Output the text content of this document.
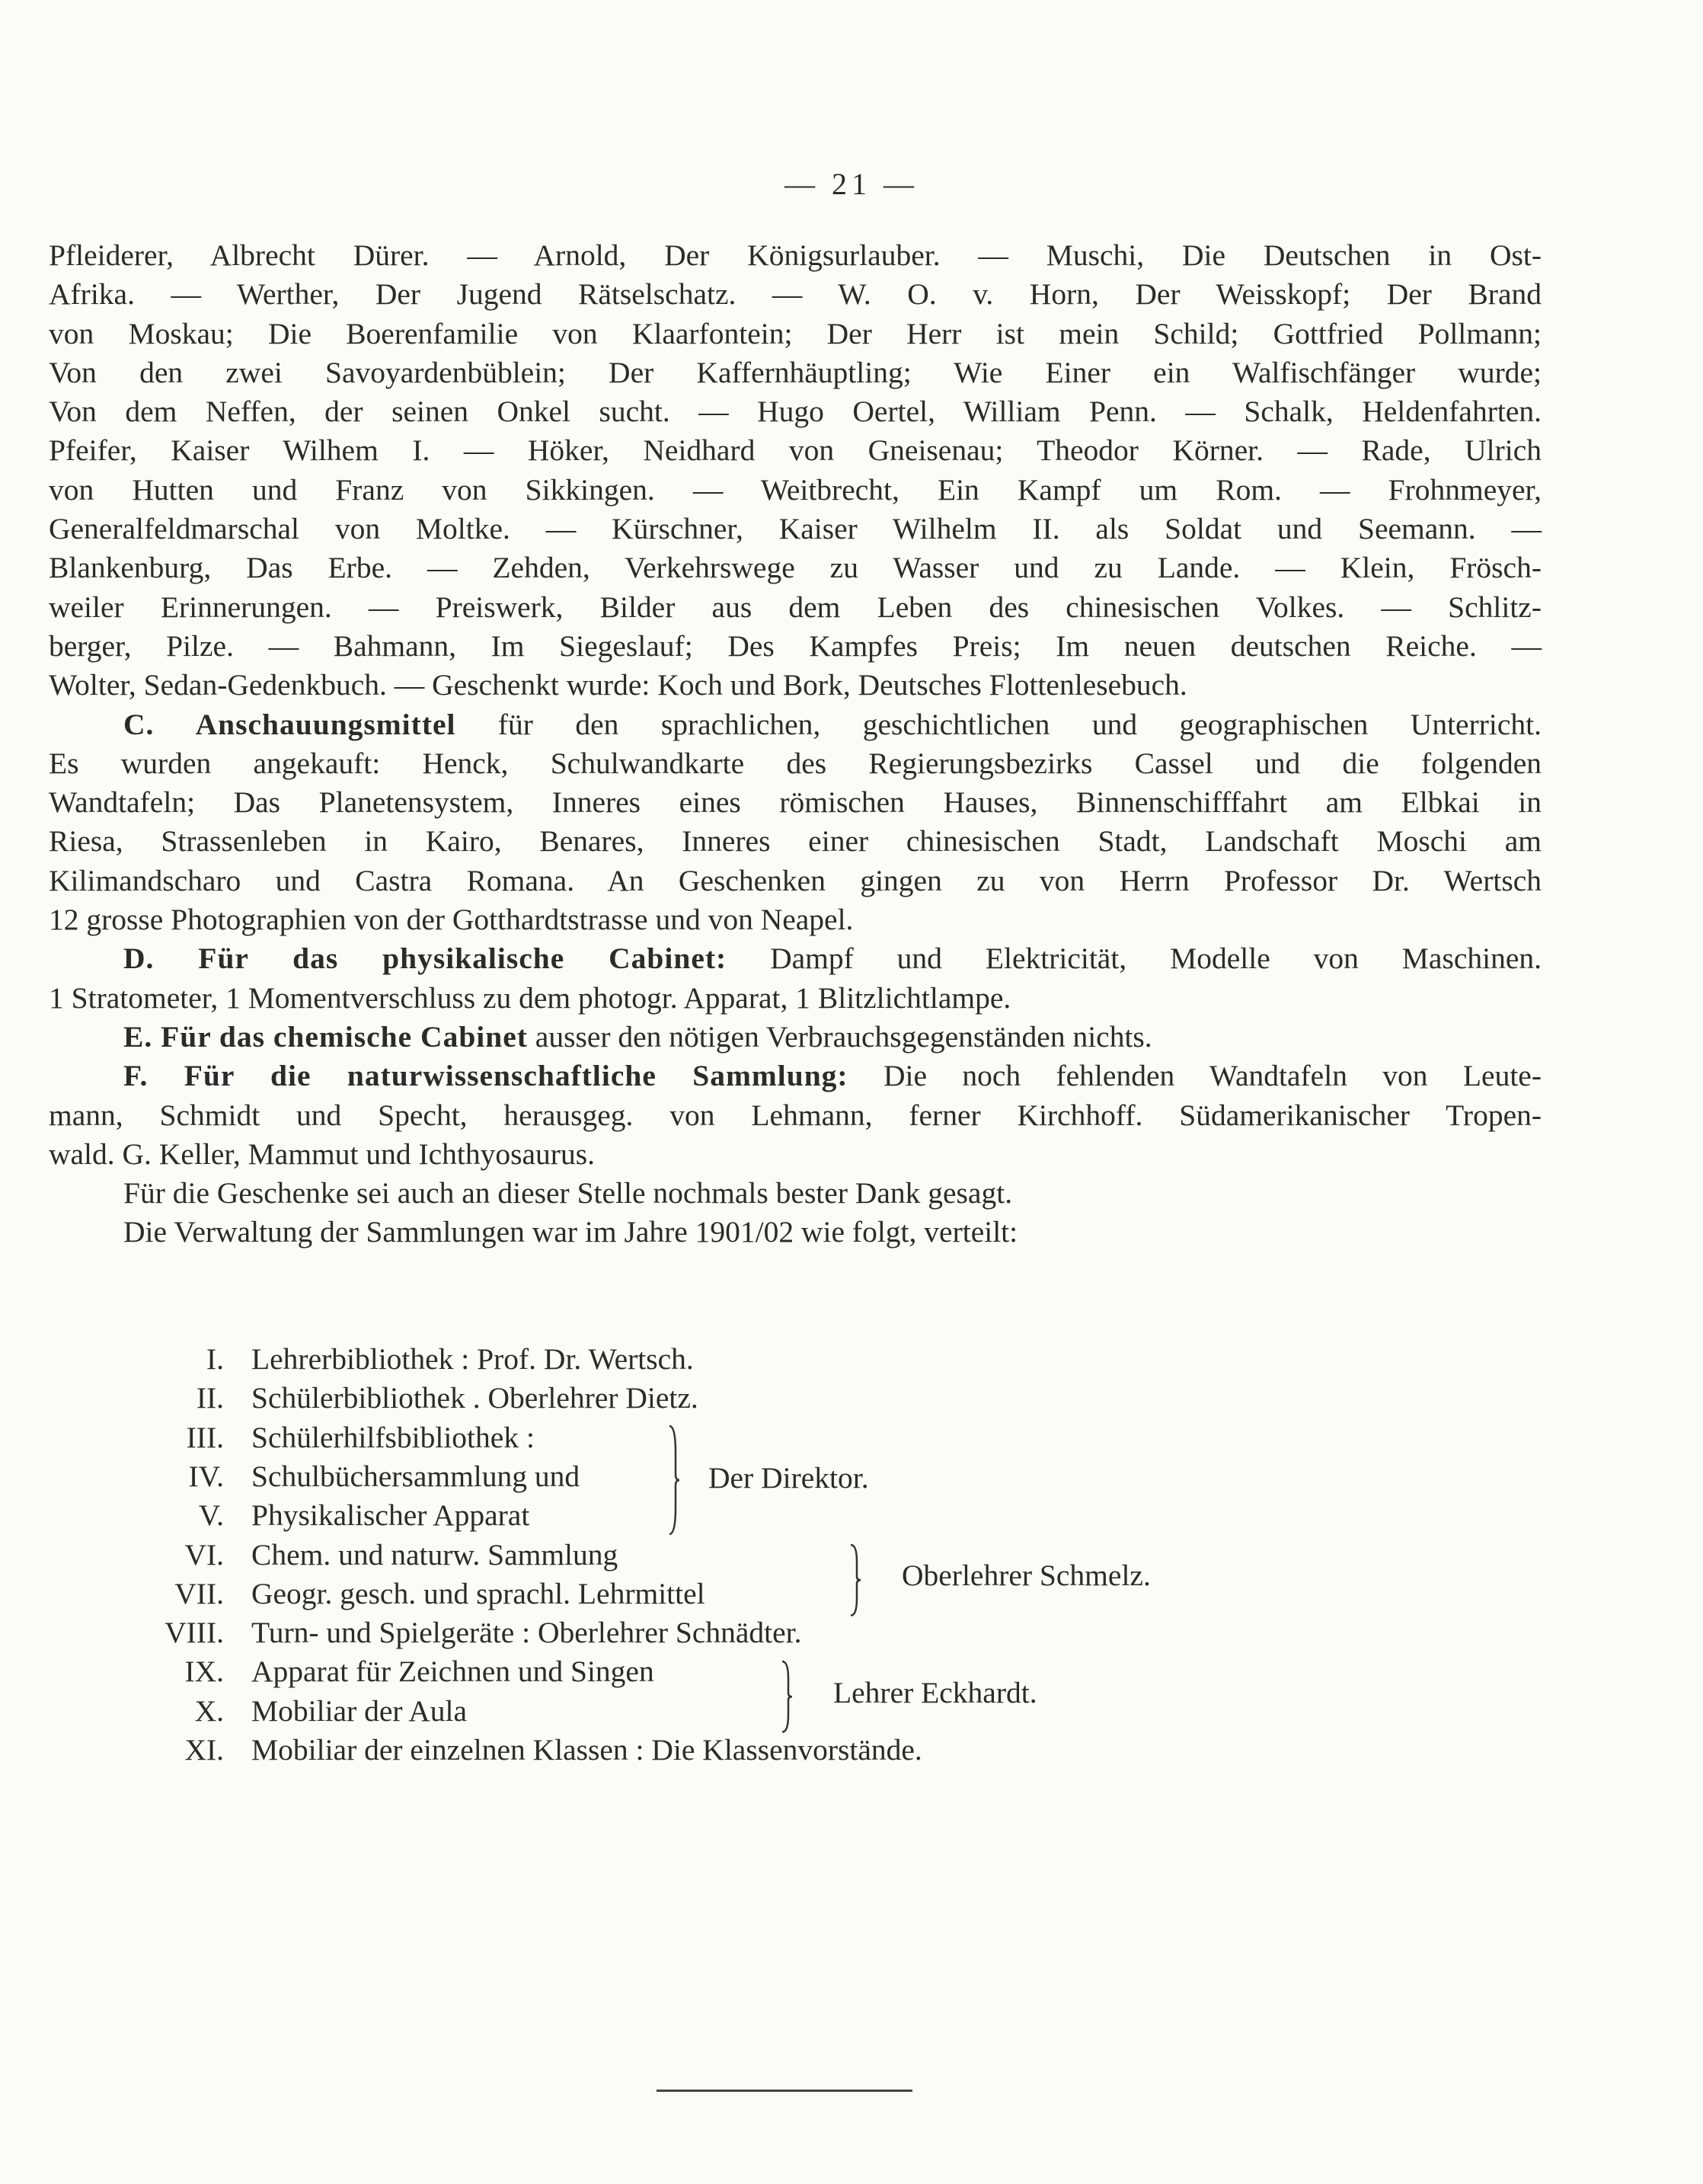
— 21 —
Pfleiderer, Albrecht Dürer. — Arnold, Der Königsurlauber. — Muschi, Die Deutschen in Ost-
Afrika. — Werther, Der Jugend Rätselschatz. — W. O. v. Horn, Der Weisskopf; Der Brand
von Moskau; Die Boerenfamilie von Klaarfontein; Der Herr ist mein Schild; Gottfried Pollmann;
Von den zwei Savoyardenbüblein; Der Kaffernhäuptling; Wie Einer ein Walfischfänger wurde;
Von dem Neffen, der seinen Onkel sucht. — Hugo Oertel, William Penn. — Schalk, Heldenfahrten.
Pfeifer, Kaiser Wilhem I. — Höker, Neidhard von Gneisenau; Theodor Körner. — Rade, Ulrich
von Hutten und Franz von Sikkingen. — Weitbrecht, Ein Kampf um Rom. — Frohnmeyer,
Generalfeldmarschal von Moltke. — Kürschner, Kaiser Wilhelm II. als Soldat und Seemann. —
Blankenburg, Das Erbe. — Zehden, Verkehrswege zu Wasser und zu Lande. — Klein, Frösch-
weiler Erinnerungen. — Preiswerk, Bilder aus dem Leben des chinesischen Volkes. — Schlitz-
berger, Pilze. — Bahmann, Im Siegeslauf; Des Kampfes Preis; Im neuen deutschen Reiche. —
Wolter, Sedan-Gedenkbuch. — Geschenkt wurde: Koch und Bork, Deutsches Flottenlesebuch.
C. Anschauungsmittel für den sprachlichen, geschichtlichen und geographischen Unterricht.
Es wurden angekauft: Henck, Schulwandkarte des Regierungsbezirks Cassel und die folgenden
Wandtafeln; Das Planetensystem, Inneres eines römischen Hauses, Binnenschifffahrt am Elbkai in
Riesa, Strassenleben in Kairo, Benares, Inneres einer chinesischen Stadt, Landschaft Moschi am
Kilimandscharo und Castra Romana. An Geschenken gingen zu von Herrn Professor Dr. Wertsch
12 grosse Photographien von der Gotthardtstrasse und von Neapel.
D. Für das physikalische Cabinet: Dampf und Elektricität, Modelle von Maschinen.
1 Stratometer, 1 Momentverschluss zu dem photogr. Apparat, 1 Blitzlichtlampe.
E. Für das chemische Cabinet ausser den nötigen Verbrauchsgegenständen nichts.
F. Für die naturwissenschaftliche Sammlung: Die noch fehlenden Wandtafeln von Leute-
mann, Schmidt und Specht, herausgeg. von Lehmann, ferner Kirchhoff. Südamerikanischer Tropen-
wald. G. Keller, Mammut und Ichthyosaurus.
Für die Geschenke sei auch an dieser Stelle nochmals bester Dank gesagt.
Die Verwaltung der Sammlungen war im Jahre 1901/02 wie folgt, verteilt:
I. Lehrerbibliothek : Prof. Dr. Wertsch.
II. Schülerbibliothek . Oberlehrer Dietz.
III. Schülerhilfsbibliothek :
IV. Schulbüchersammlung und
V. Physikalischer Apparat
VI. Chem. und naturw. Sammlung
VII. Geogr. gesch. und sprachl. Lehrmittel
VIII. Turn- und Spielgeräte : Oberlehrer Schnädter.
IX. Apparat für Zeichnen und Singen
X. Mobiliar der Aula
XI. Mobiliar der einzelnen Klassen : Die Klassenvorstände.
Der Direktor.
Oberlehrer Schmelz.
Lehrer Eckhardt.
